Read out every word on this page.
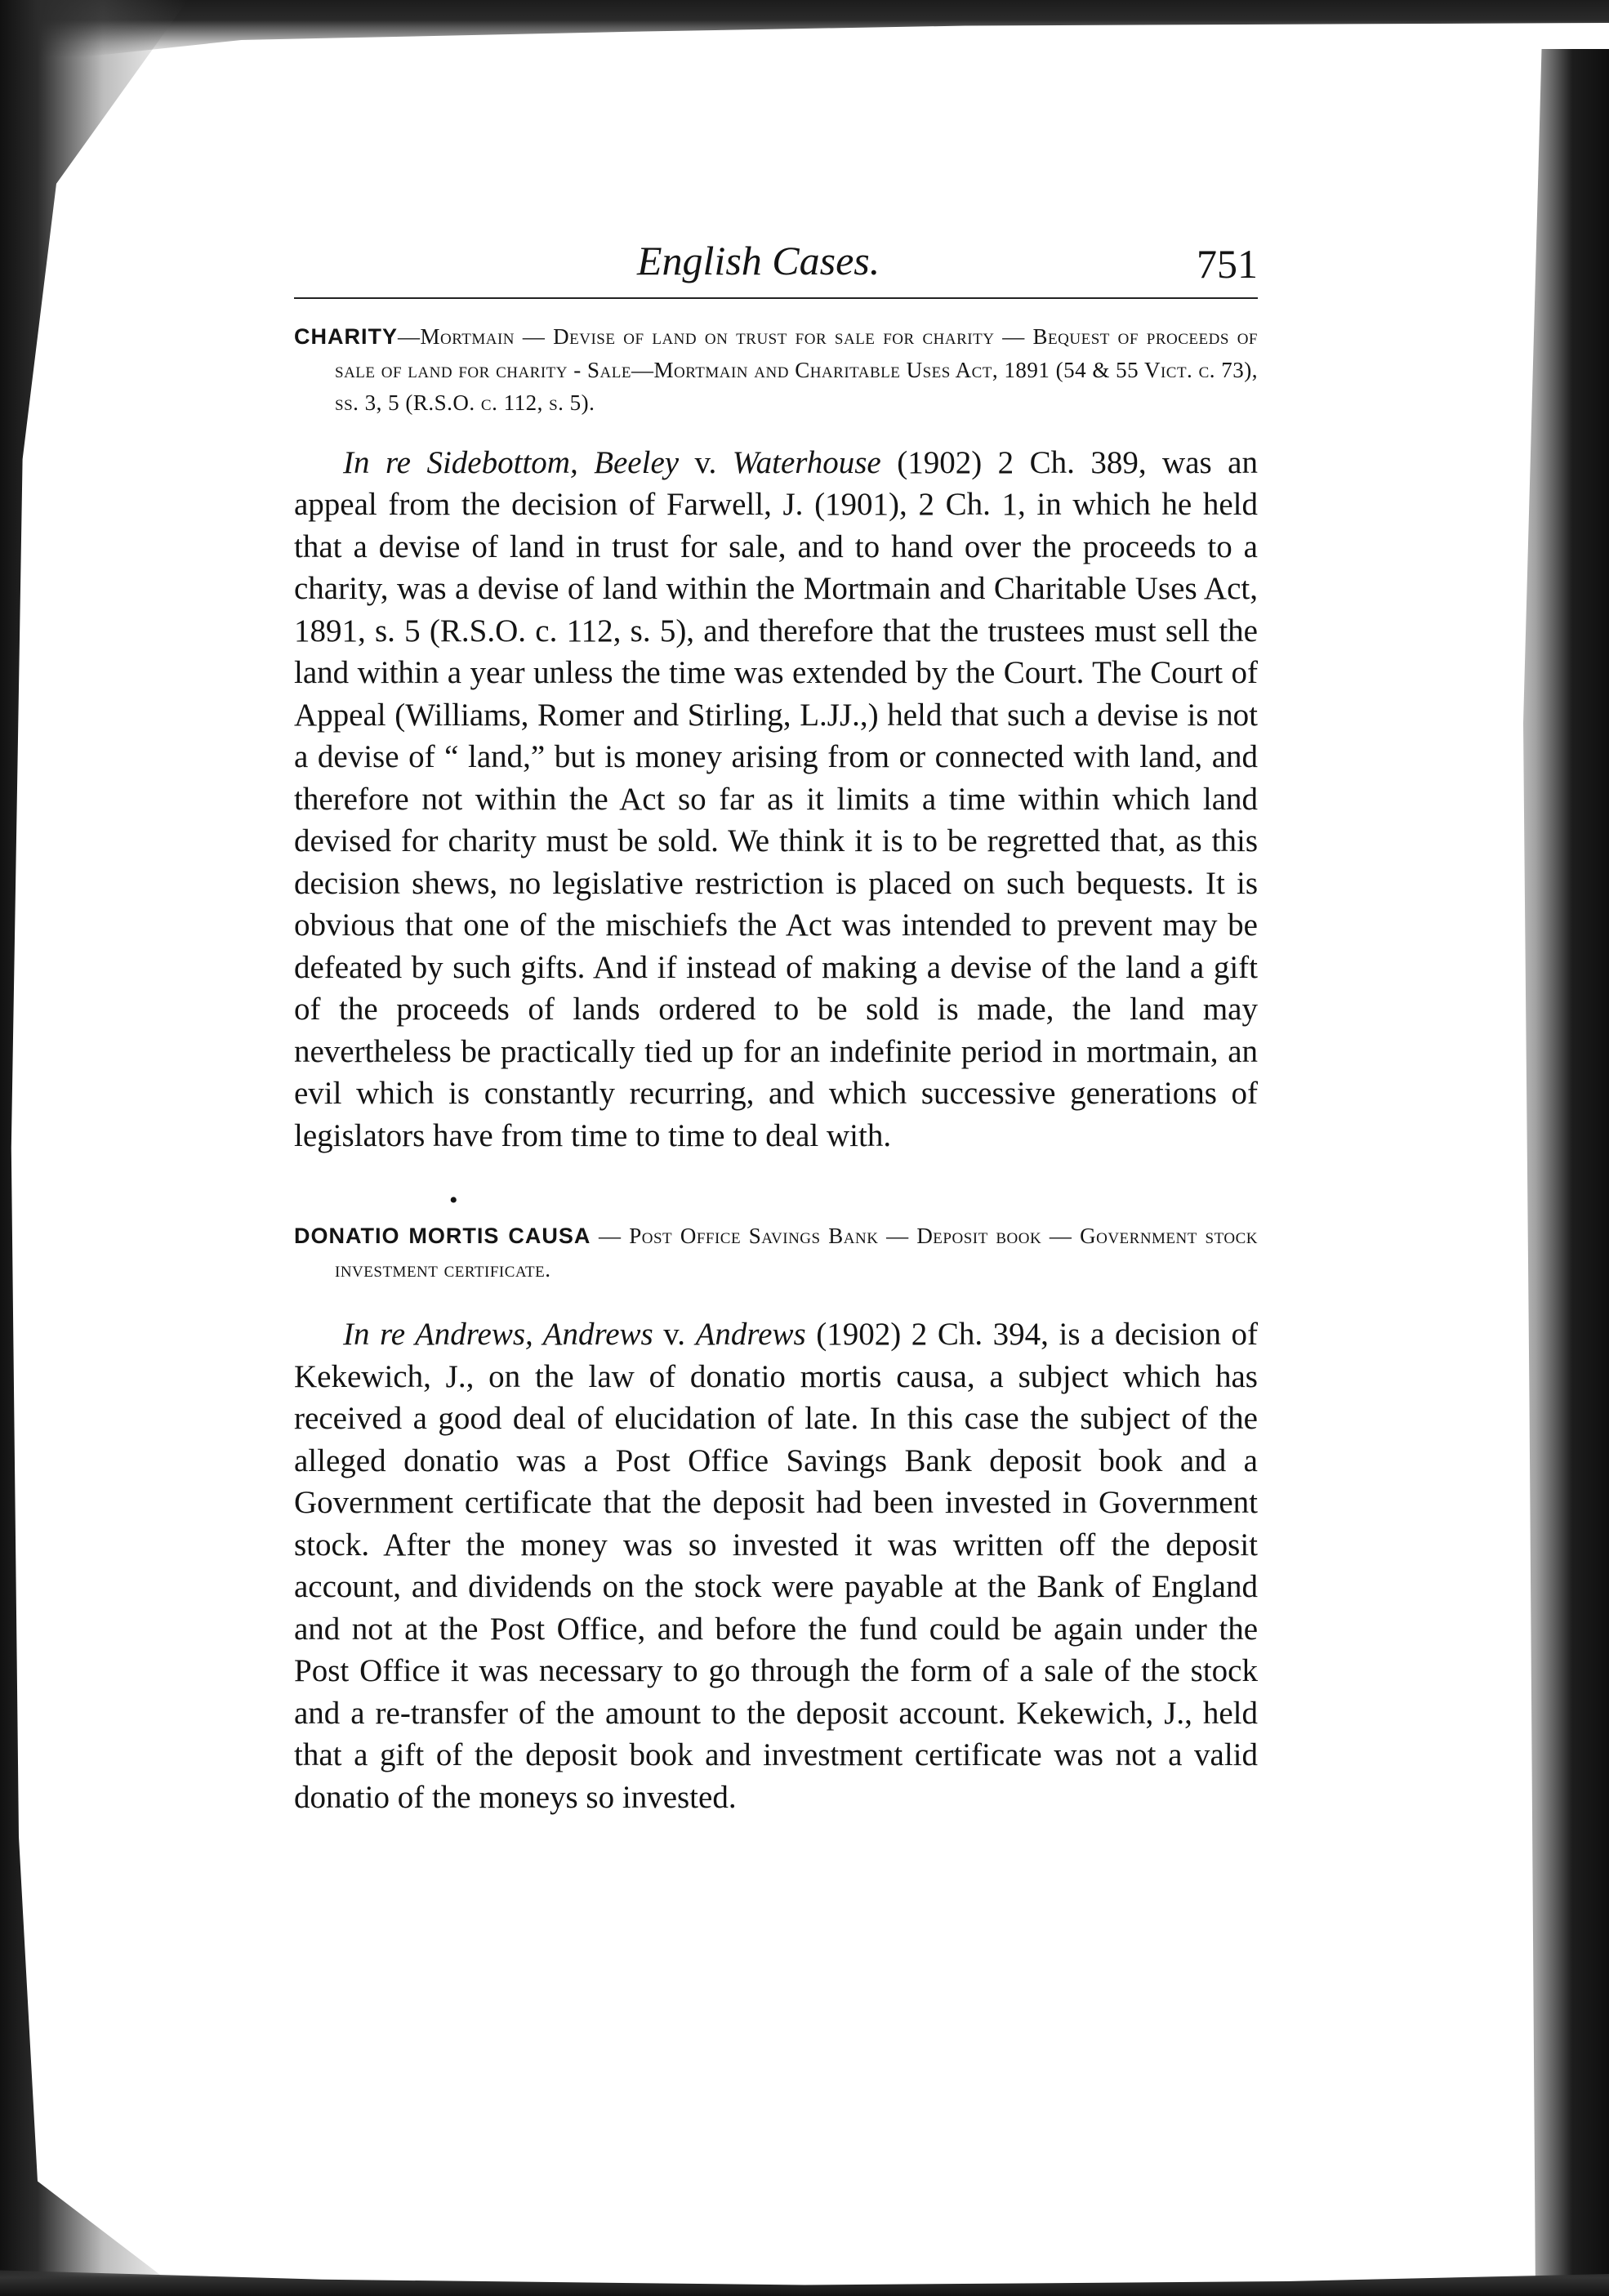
English Cases.	751

CHARITY—Mortmain — Devise of land on trust for sale for charity — Bequest of proceeds of sale of land for charity - Sale—Mortmain and Charitable Uses Act, 1891 (54 & 55 Vict. c. 73), ss. 3, 5 (R.S.O. c. 112, s. 5).

In re Sidebottom, Beeley v. Waterhouse (1902) 2 Ch. 389, was an appeal from the decision of Farwell, J. (1901), 2 Ch. 1, in which he held that a devise of land in trust for sale, and to hand over the proceeds to a charity, was a devise of land within the Mortmain and Charitable Uses Act, 1891, s. 5 (R.S.O. c. 112, s. 5), and therefore that the trustees must sell the land within a year unless the time was extended by the Court. The Court of Appeal (Williams, Romer and Stirling, L.JJ.,) held that such a devise is not a devise of “ land,” but is money arising from or connected with land, and therefore not within the Act so far as it limits a time within which land devised for charity must be sold. We think it is to be regretted that, as this decision shews, no legislative restriction is placed on such bequests. It is obvious that one of the mischiefs the Act was intended to prevent may be defeated by such gifts. And if instead of making a devise of the land a gift of the proceeds of lands ordered to be sold is made, the land may nevertheless be practically tied up for an indefinite period in mortmain, an evil which is constantly recurring, and which successive generations of legislators have from time to time to deal with.

•

DONATIO MORTIS CAUSA — Post Office Savings Bank — Deposit book — Government stock investment certificate.

In re Andrews, Andrews v. Andrews (1902) 2 Ch. 394, is a decision of Kekewich, J., on the law of donatio mortis causa, a subject which has received a good deal of elucidation of late. In this case the subject of the alleged donatio was a Post Office Savings Bank deposit book and a Government certificate that the deposit had been invested in Government stock. After the money was so invested it was written off the deposit account, and dividends on the stock were payable at the Bank of England and not at the Post Office, and before the fund could be again under the Post Office it was necessary to go through the form of a sale of the stock and a re-transfer of the amount to the deposit account. Kekewich, J., held that a gift of the deposit book and investment certificate was not a valid donatio of the moneys so invested.
